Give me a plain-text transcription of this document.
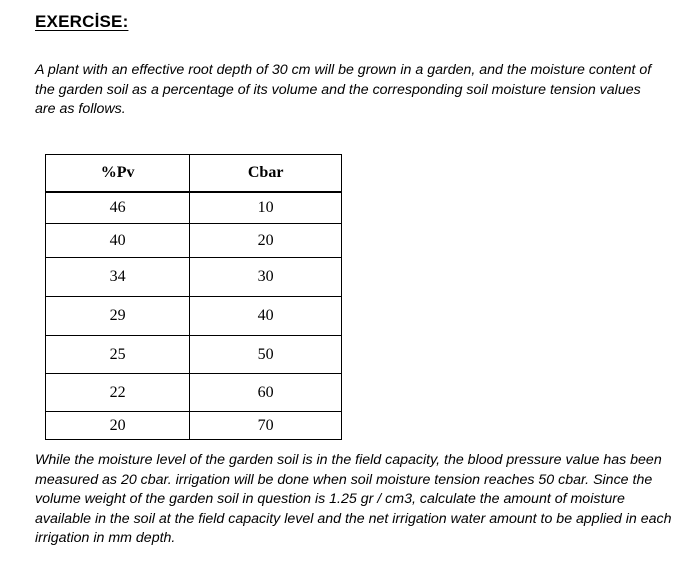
EXERCİSE:
A plant with an effective root depth of 30 cm will be grown in a garden, and the moisture content of the garden soil as a percentage of its volume and the corresponding soil moisture tension values are as follows.
%Pv	Cbar
46	10
40	20
34	30
29	40
25	50
22	60
20	70
While the moisture level of the garden soil is in the field capacity, the blood pressure value has been measured as 20 cbar. irrigation will be done when soil moisture tension reaches 50 cbar. Since the volume weight of the garden soil in question is 1.25 gr / cm3, calculate the amount of moisture available in the soil at the field capacity level and the net irrigation water amount to be applied in each irrigation in mm depth.
